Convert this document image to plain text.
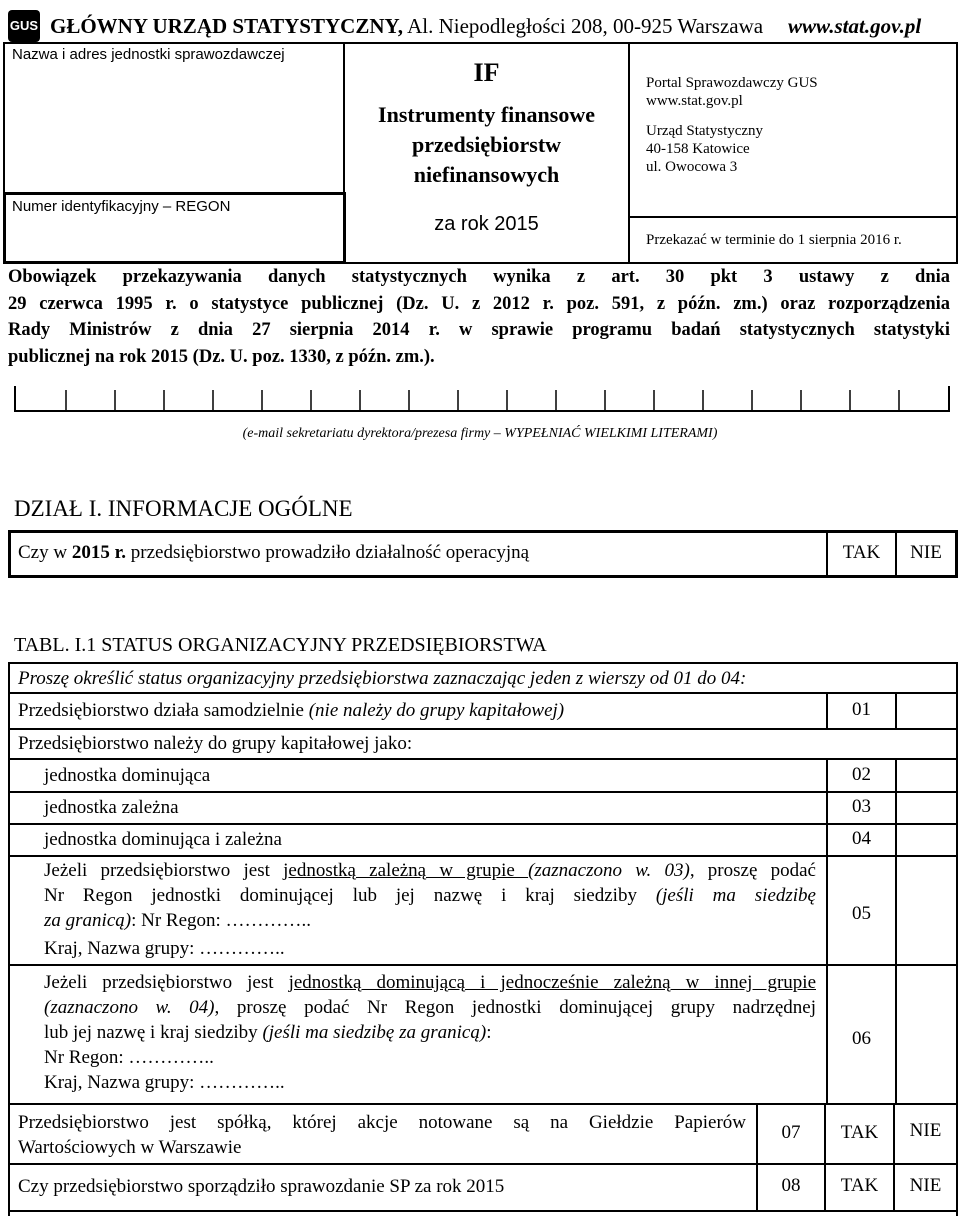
GUS GŁÓWNY URZĄD STATYSTYCZNY, Al. Niepodległości 208, 00-925 Warszawa www.stat.gov.pl
Nazwa i adres jednostki sprawozdawczej
Numer identyfikacyjny – REGON
IF
Instrumenty finansowe
przedsiębiorstw
niefinansowych
za rok 2015
Portal Sprawozdawczy GUS
www.stat.gov.pl
Urząd Statystyczny
40-158 Katowice
ul. Owocowa 3
Przekazać w terminie do 1 sierpnia 2016 r.
Obowiązek przekazywania danych statystycznych wynika z art. 30 pkt 3 ustawy z dnia
29 czerwca 1995 r. o statystyce publicznej (Dz. U. z 2012 r. poz. 591, z późn. zm.) oraz rozporządzenia
Rady Ministrów z dnia 27 sierpnia 2014 r. w sprawie programu badań statystycznych statystyki
publicznej na rok 2015 (Dz. U. poz. 1330, z późn. zm.).
(e-mail sekretariatu dyrektora/prezesa firmy – WYPEŁNIAĆ WIELKIMI LITERAMI)
DZIAŁ I. INFORMACJE OGÓLNE
Czy w 2015 r. przedsiębiorstwo prowadziło działalność operacyjną	TAK	NIE
TABL. I.1 STATUS ORGANIZACYJNY PRZEDSIĘBIORSTWA
Proszę określić status organizacyjny przedsiębiorstwa zaznaczając jeden z wierszy od 01 do 04:
Przedsiębiorstwo działa samodzielnie (nie należy do grupy kapitałowej)	01
Przedsiębiorstwo należy do grupy kapitałowej jako:
jednostka dominująca	02
jednostka zależna	03
jednostka dominująca i zależna	04
Jeżeli przedsiębiorstwo jest jednostką zależną w grupie (zaznaczono w. 03), proszę podać
Nr Regon jednostki dominującej lub jej nazwę i kraj siedziby (jeśli ma siedzibę
za granicą): Nr Regon: …………..
Kraj, Nazwa grupy: …………..
05
Jeżeli przedsiębiorstwo jest jednostką dominującą i jednocześnie zależną w innej grupie
(zaznaczono w. 04), proszę podać Nr Regon jednostki dominującej grupy nadrzędnej
lub jej nazwę i kraj siedziby (jeśli ma siedzibę za granicą):
Nr Regon: …………..
Kraj, Nazwa grupy: …………..
06
Przedsiębiorstwo jest spółką, której akcje notowane są na Giełdzie Papierów
Wartościowych w Warszawie
07	TAK	NIE
Czy przedsiębiorstwo sporządziło sprawozdanie SP za rok 2015	08	TAK	NIE
